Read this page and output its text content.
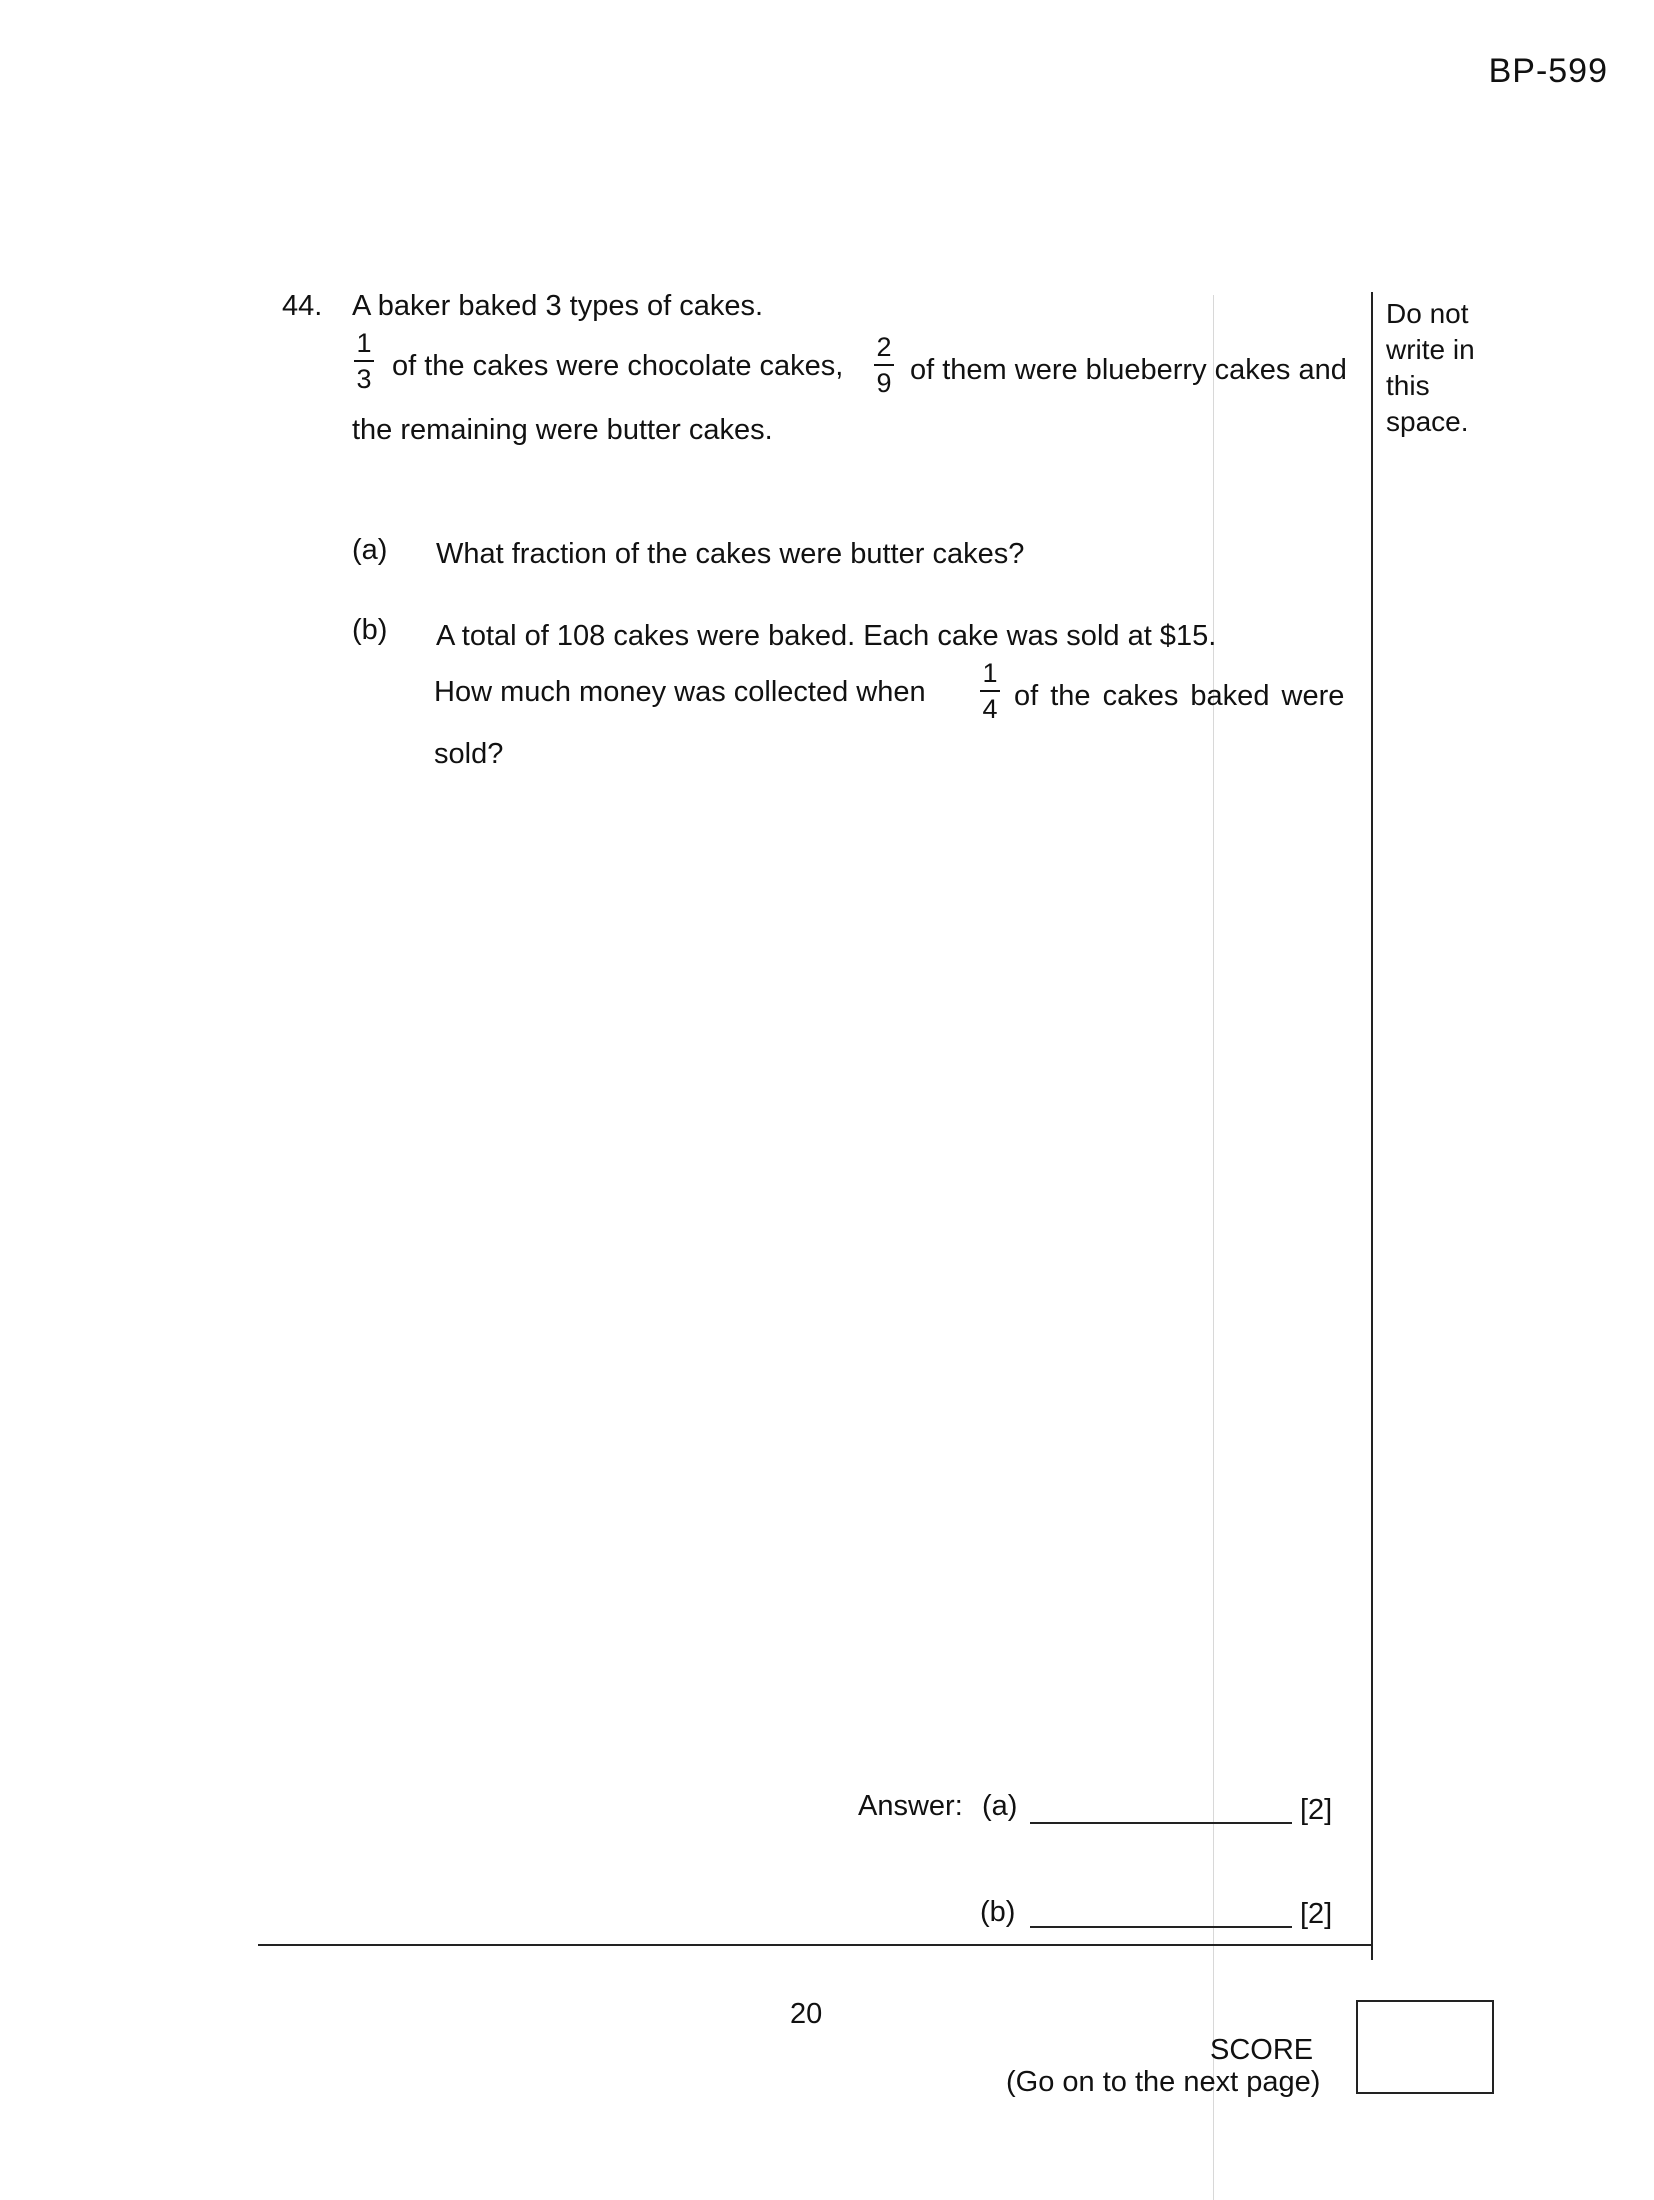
BP-599
44. A baker baked 3 types of cakes.
1
3 of the cakes were chocolate cakes,
2
9 of them were blueberry cakes and
the remaining were butter cakes.
(a) What fraction of the cakes were butter cakes?
(b) A total of 108 cakes were baked. Each cake was sold at $15.
How much money was collected when
1
4 of the cakes baked were
sold?
Do not
write in
this
space.
Answer: (a)	[2]
(b)	[2]
20
SCORE
(Go on to the next page)
